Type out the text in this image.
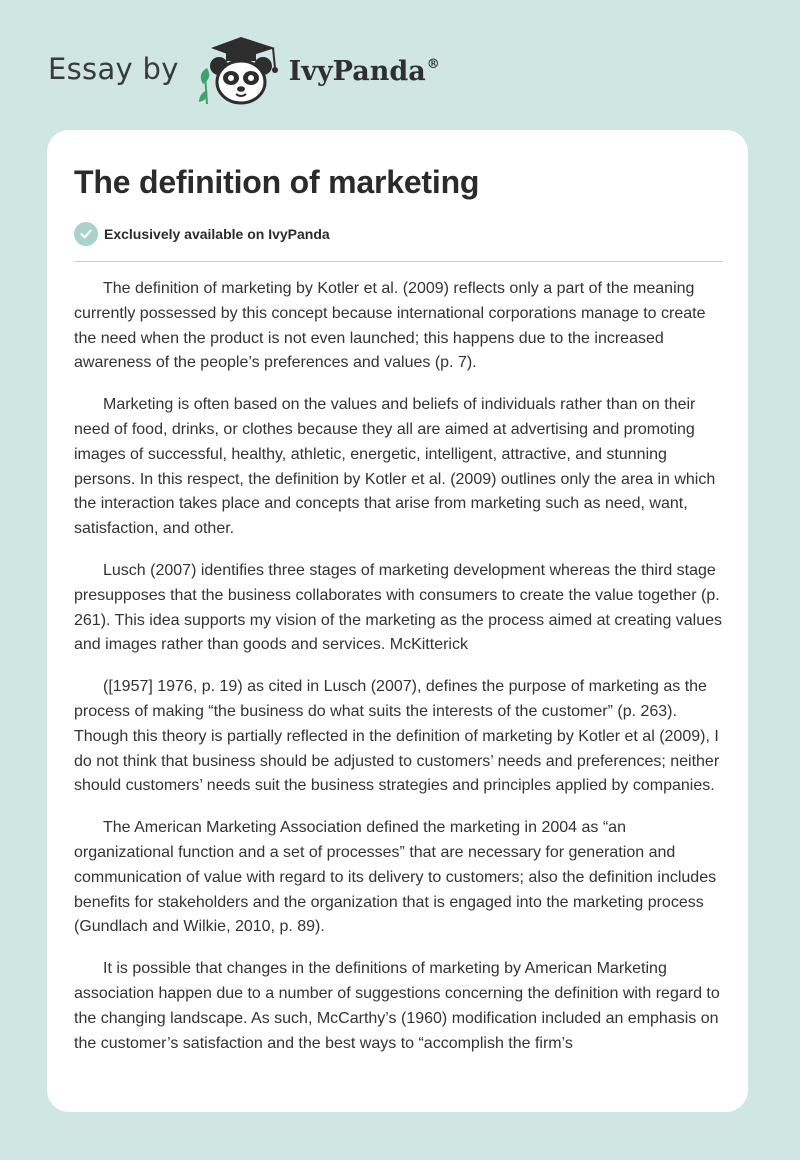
Essay by	IvyPanda®
The definition of marketing
Exclusively available on IvyPanda

The definition of marketing by Kotler et al. (2009) reflects only a part of the meaning currently possessed by this concept because international corporations manage to create the need when the product is not even launched; this happens due to the increased awareness of the people’s preferences and values (p. 7).

Marketing is often based on the values and beliefs of individuals rather than on their need of food, drinks, or clothes because they all are aimed at advertising and promoting images of successful, healthy, athletic, energetic, intelligent, attractive, and stunning persons. In this respect, the definition by Kotler et al. (2009) outlines only the area in which the interaction takes place and concepts that arise from marketing such as need, want, satisfaction, and other.

Lusch (2007) identifies three stages of marketing development whereas the third stage presupposes that the business collaborates with consumers to create the value together (p. 261). This idea supports my vision of the marketing as the process aimed at creating values and images rather than goods and services. McKitterick

([1957] 1976, p. 19) as cited in Lusch (2007), defines the purpose of marketing as the process of making “the business do what suits the interests of the customer” (p. 263). Though this theory is partially reflected in the definition of marketing by Kotler et al (2009), I do not think that business should be adjusted to customers’ needs and preferences; neither should customers’ needs suit the business strategies and principles applied by companies.

The American Marketing Association defined the marketing in 2004 as “an organizational function and a set of processes” that are necessary for generation and communication of value with regard to its delivery to customers; also the definition includes benefits for stakeholders and the organization that is engaged into the marketing process (Gundlach and Wilkie, 2010, p. 89).

It is possible that changes in the definitions of marketing by American Marketing association happen due to a number of suggestions concerning the definition with regard to the changing landscape. As such, McCarthy’s (1960) modification included an emphasis on the customer’s satisfaction and the best ways to “accomplish the firm’s
